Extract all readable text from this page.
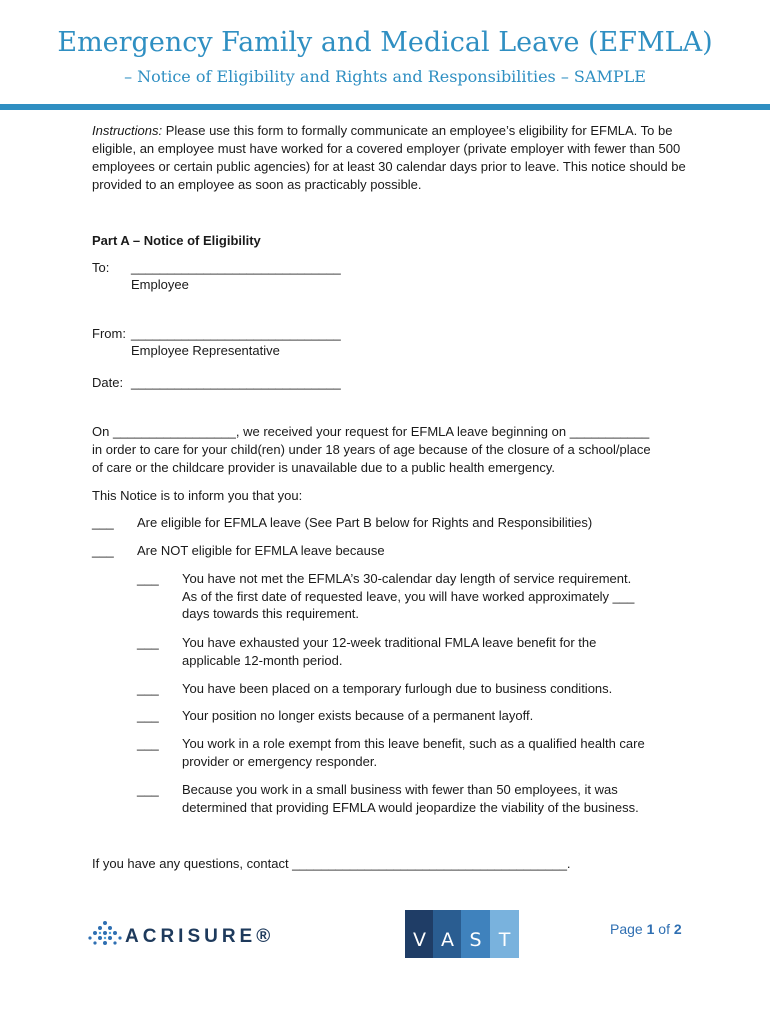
Emergency Family and Medical Leave (EFMLA)
– Notice of Eligibility and Rights and Responsibilities – SAMPLE
Instructions: Please use this form to formally communicate an employee’s eligibility for EFMLA. To be eligible, an employee must have worked for a covered employer (private employer with fewer than 500 employees or certain public agencies) for at least 30 calendar days prior to leave. This notice should be provided to an employee as soon as practicably possible.
Part A – Notice of Eligibility
To: _____________________________
Employee
From: _____________________________
Employee Representative
Date: _____________________________
On _________________, we received your request for EFMLA leave beginning on ___________
in order to care for your child(ren) under 18 years of age because of the closure of a school/place
of care or the childcare provider is unavailable due to a public health emergency.
This Notice is to inform you that you:
___ Are eligible for EFMLA leave (See Part B below for Rights and Responsibilities)
___ Are NOT eligible for EFMLA leave because
___ You have not met the EFMLA’s 30-calendar day length of service requirement.
As of the first date of requested leave, you will have worked approximately ___
days towards this requirement.
___ You have exhausted your 12-week traditional FMLA leave benefit for the
applicable 12-month period.
___ You have been placed on a temporary furlough due to business conditions.
___ Your position no longer exists because of a permanent layoff.
___ You work in a role exempt from this leave benefit, such as a qualified health care
provider or emergency responder.
___ Because you work in a small business with fewer than 50 employees, it was
determined that providing EFMLA would jeopardize the viability of the business.
If you have any questions, contact ______________________________________.
ACRISURE®	V A S T	Page 1 of 2
